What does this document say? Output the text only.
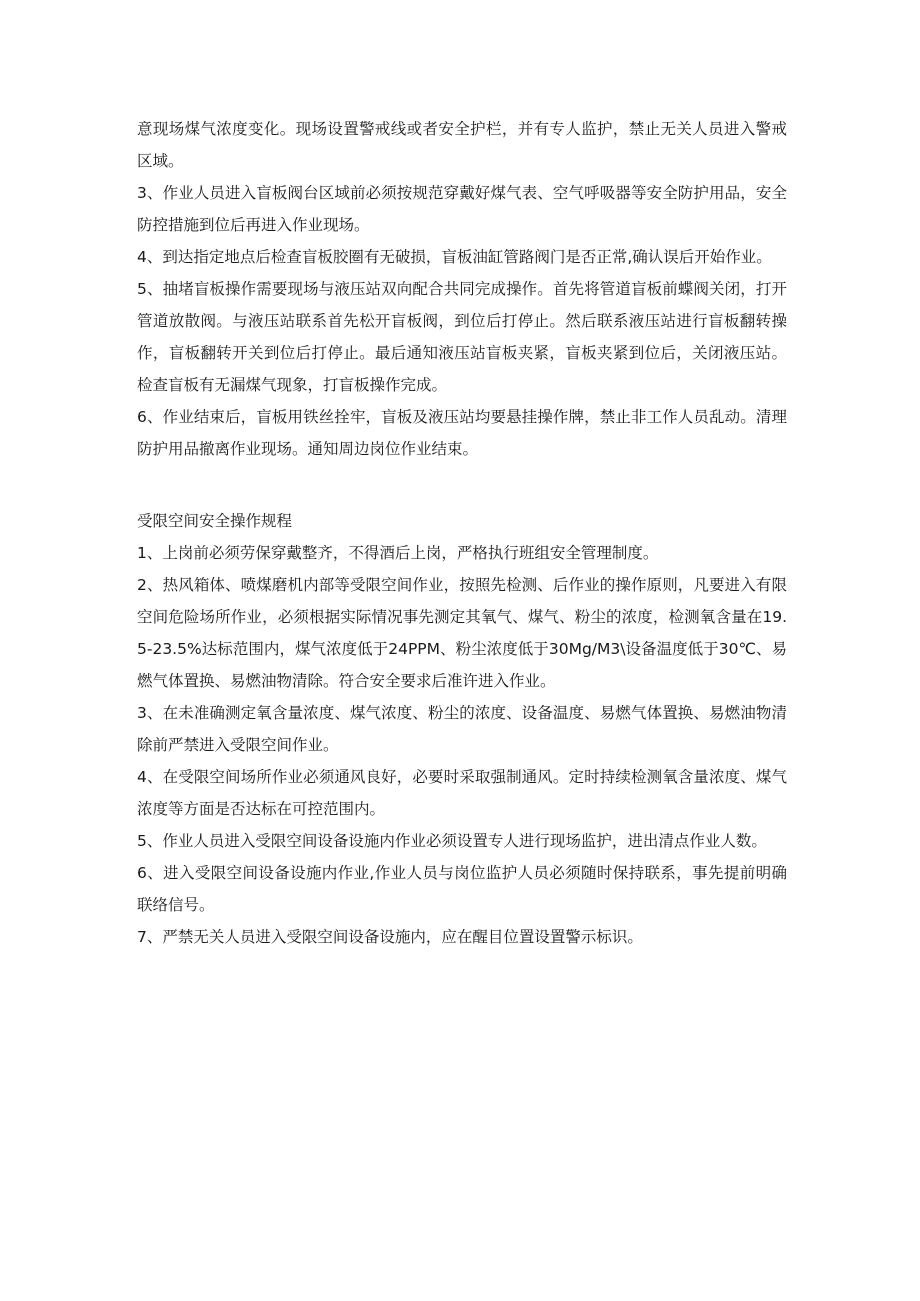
意现场煤气浓度变化。现场设置警戒线或者安全护栏，并有专人监护，禁止无关人员进入警戒区域。

3、作业人员进入盲板阀台区域前必须按规范穿戴好煤气表、空气呼吸器等安全防护用品，安全防控措施到位后再进入作业现场。

4、到达指定地点后检查盲板胶圈有无破损，盲板油缸管路阀门是否正常,确认误后开始作业。

5、抽堵盲板操作需要现场与液压站双向配合共同完成操作。首先将管道盲板前蝶阀关闭，打开管道放散阀。与液压站联系首先松开盲板阀，到位后打停止。然后联系液压站进行盲板翻转操作，盲板翻转开关到位后打停止。最后通知液压站盲板夹紧，盲板夹紧到位后，关闭液压站。检查盲板有无漏煤气现象，打盲板操作完成。

6、作业结束后，盲板用铁丝拴牢，盲板及液压站均要悬挂操作牌，禁止非工作人员乱动。清理防护用品撤离作业现场。通知周边岗位作业结束。

受限空间安全操作规程

1、上岗前必须劳保穿戴整齐，不得酒后上岗，严格执行班组安全管理制度。

2、热风箱体、喷煤磨机内部等受限空间作业，按照先检测、后作业的操作原则，凡要进入有限空间危险场所作业，必须根据实际情况事先测定其氧气、煤气、粉尘的浓度，检测氧含量在19.5-23.5%达标范围内，煤气浓度低于24PPM、粉尘浓度低于30Mg/M3\设备温度低于30℃、易燃气体置换、易燃油物清除。符合安全要求后准许进入作业。

3、在未准确测定氧含量浓度、煤气浓度、粉尘的浓度、设备温度、易燃气体置换、易燃油物清除前严禁进入受限空间作业。

4、在受限空间场所作业必须通风良好，必要时采取强制通风。定时持续检测氧含量浓度、煤气浓度等方面是否达标在可控范围内。

5、作业人员进入受限空间设备设施内作业必须设置专人进行现场监护，进出清点作业人数。

6、进入受限空间设备设施内作业,作业人员与岗位监护人员必须随时保持联系，事先提前明确联络信号。

7、严禁无关人员进入受限空间设备设施内，应在醒目位置设置警示标识。
